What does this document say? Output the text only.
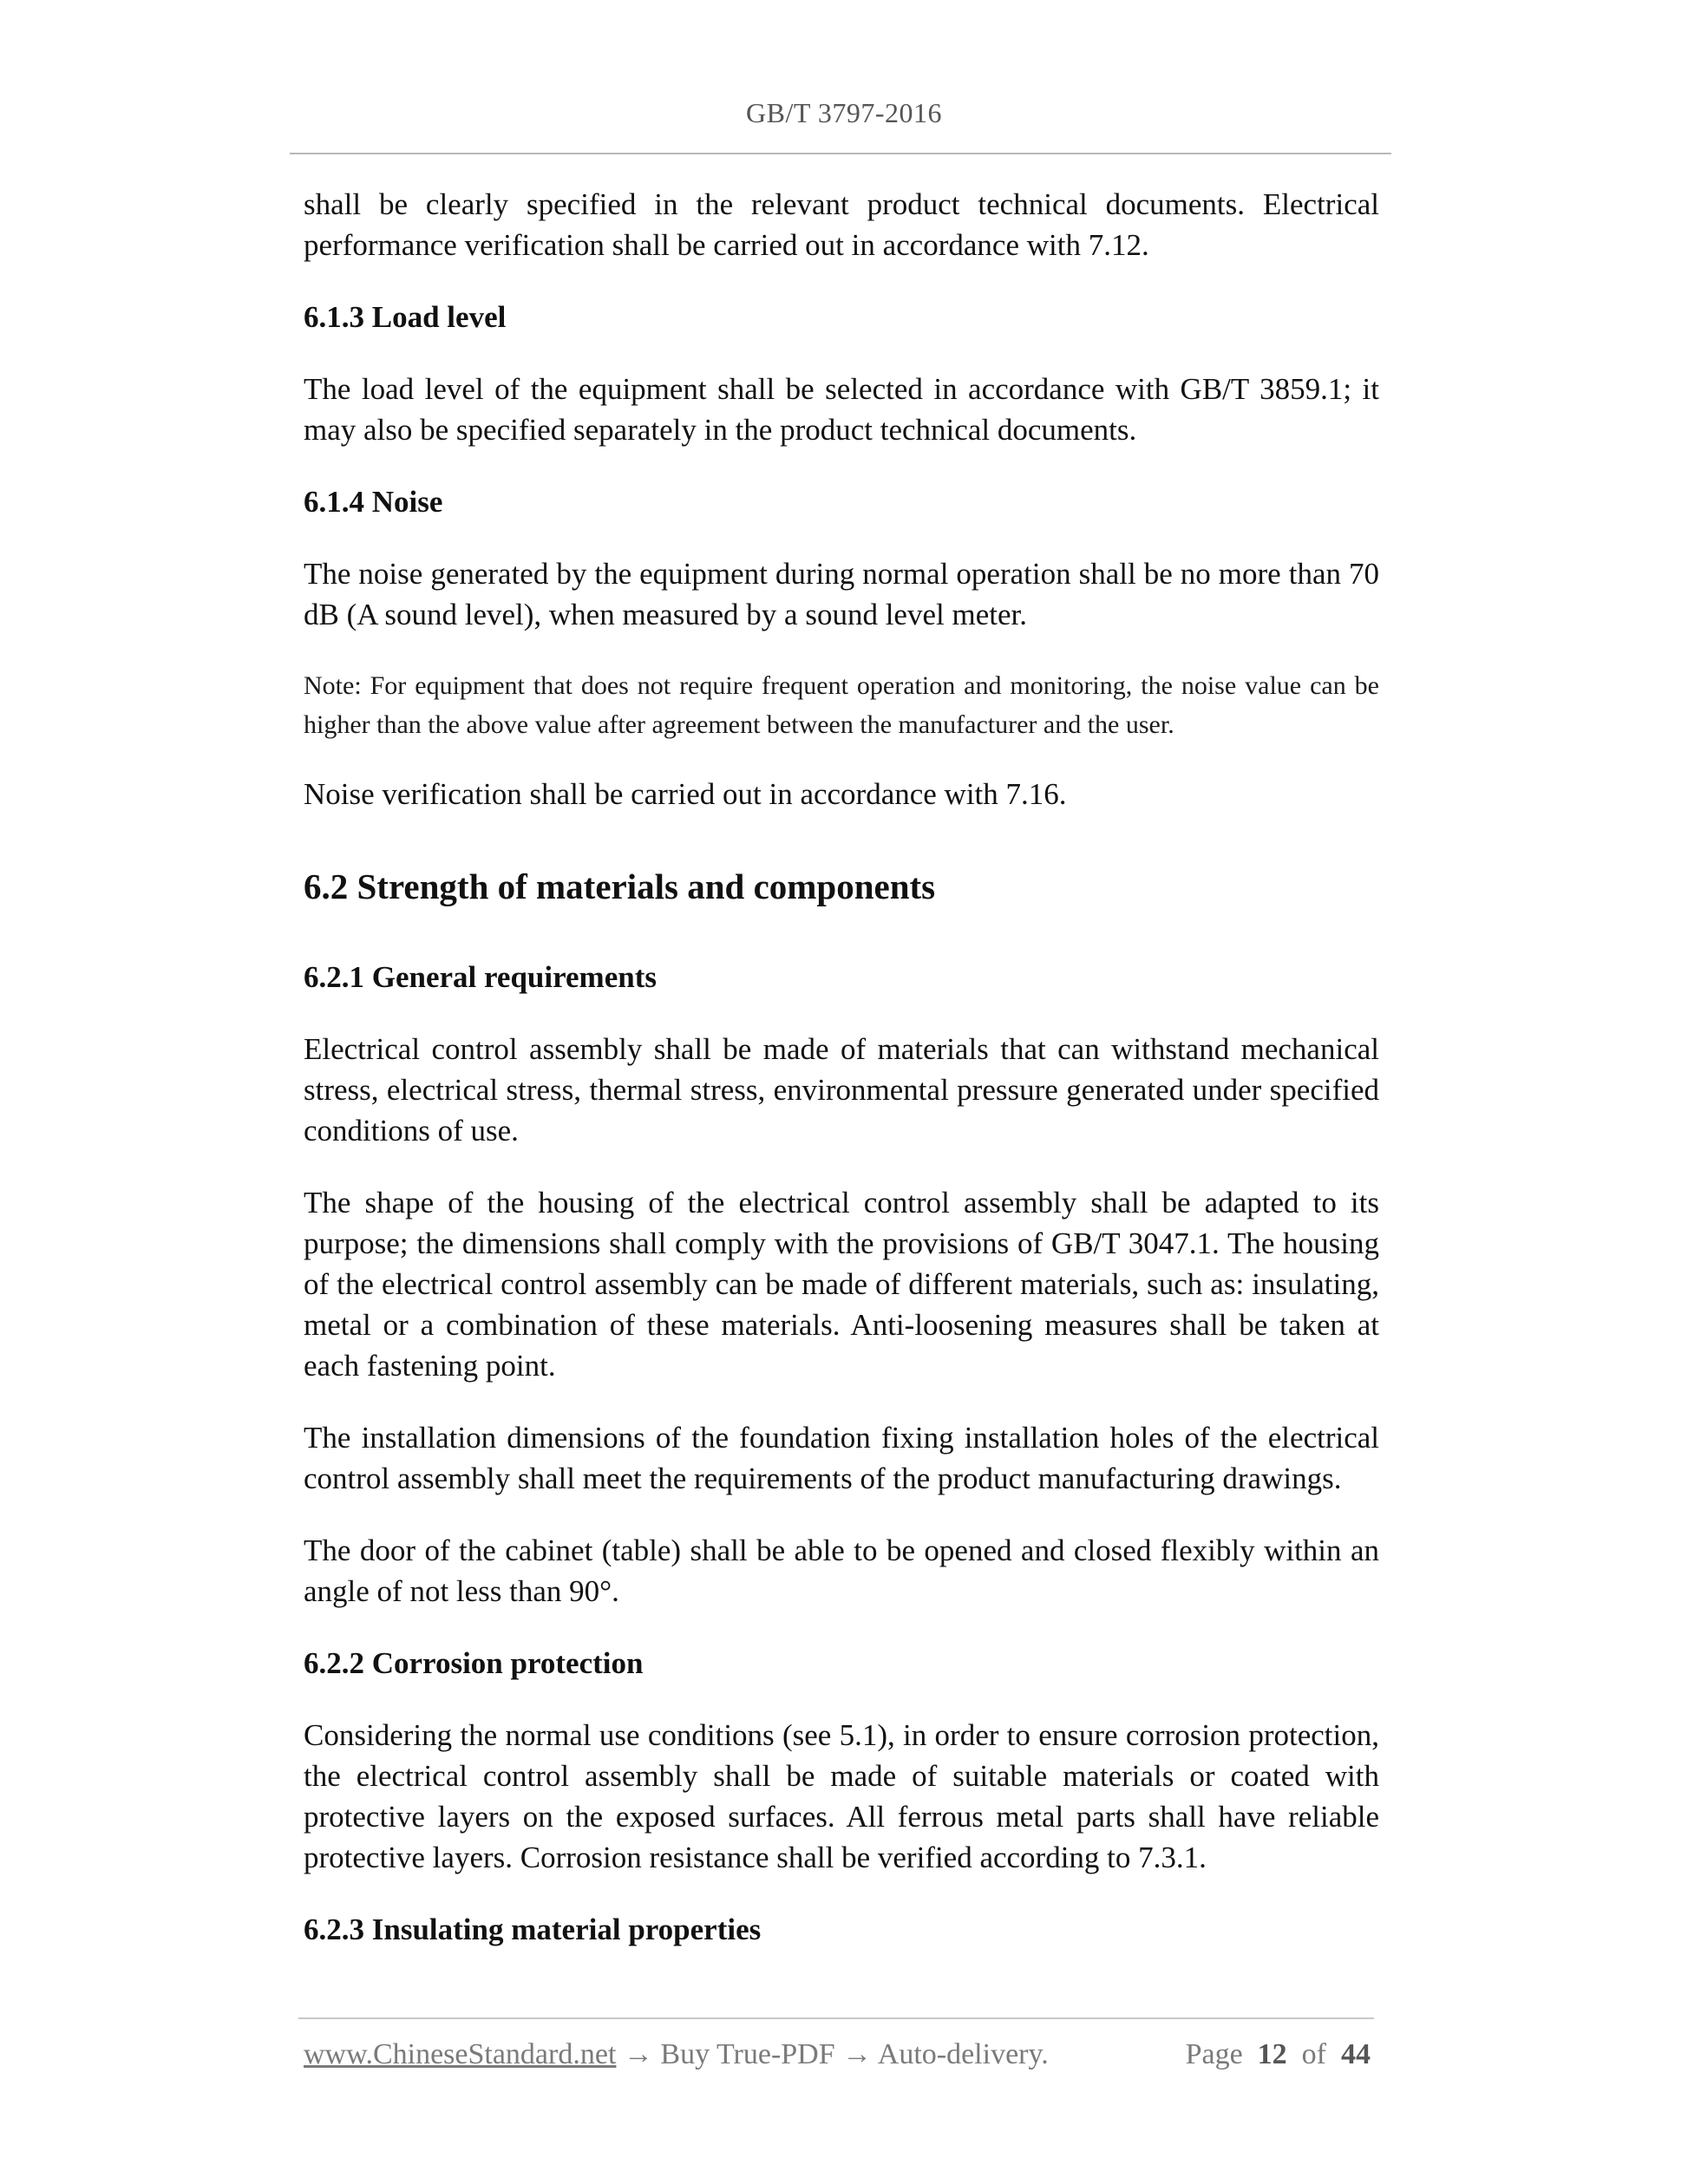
GB/T 3797-2016

shall be clearly specified in the relevant product technical documents. Electrical performance verification shall be carried out in accordance with 7.12.

6.1.3 Load level

The load level of the equipment shall be selected in accordance with GB/T 3859.1; it may also be specified separately in the product technical documents.

6.1.4 Noise

The noise generated by the equipment during normal operation shall be no more than 70 dB (A sound level), when measured by a sound level meter.

Note: For equipment that does not require frequent operation and monitoring, the noise value can be higher than the above value after agreement between the manufacturer and the user.

Noise verification shall be carried out in accordance with 7.16.

6.2 Strength of materials and components
6.2.1 General requirements

Electrical control assembly shall be made of materials that can withstand mechanical stress, electrical stress, thermal stress, environmental pressure generated under specified conditions of use.

The shape of the housing of the electrical control assembly shall be adapted to its purpose; the dimensions shall comply with the provisions of GB/T 3047.1. The housing of the electrical control assembly can be made of different materials, such as: insulating, metal or a combination of these materials. Anti-loosening measures shall be taken at each fastening point.

The installation dimensions of the foundation fixing installation holes of the electrical control assembly shall meet the requirements of the product manufacturing drawings.

The door of the cabinet (table) shall be able to be opened and closed flexibly within an angle of not less than 90°.

6.2.2 Corrosion protection

Considering the normal use conditions (see 5.1), in order to ensure corrosion protection, the electrical control assembly shall be made of suitable materials or coated with protective layers on the exposed surfaces. All ferrous metal parts shall have reliable protective layers. Corrosion resistance shall be verified according to 7.3.1.

6.2.3 Insulating material properties
www.ChineseStandard.net → Buy True-PDF → Auto-delivery.	Page 12 of 44
